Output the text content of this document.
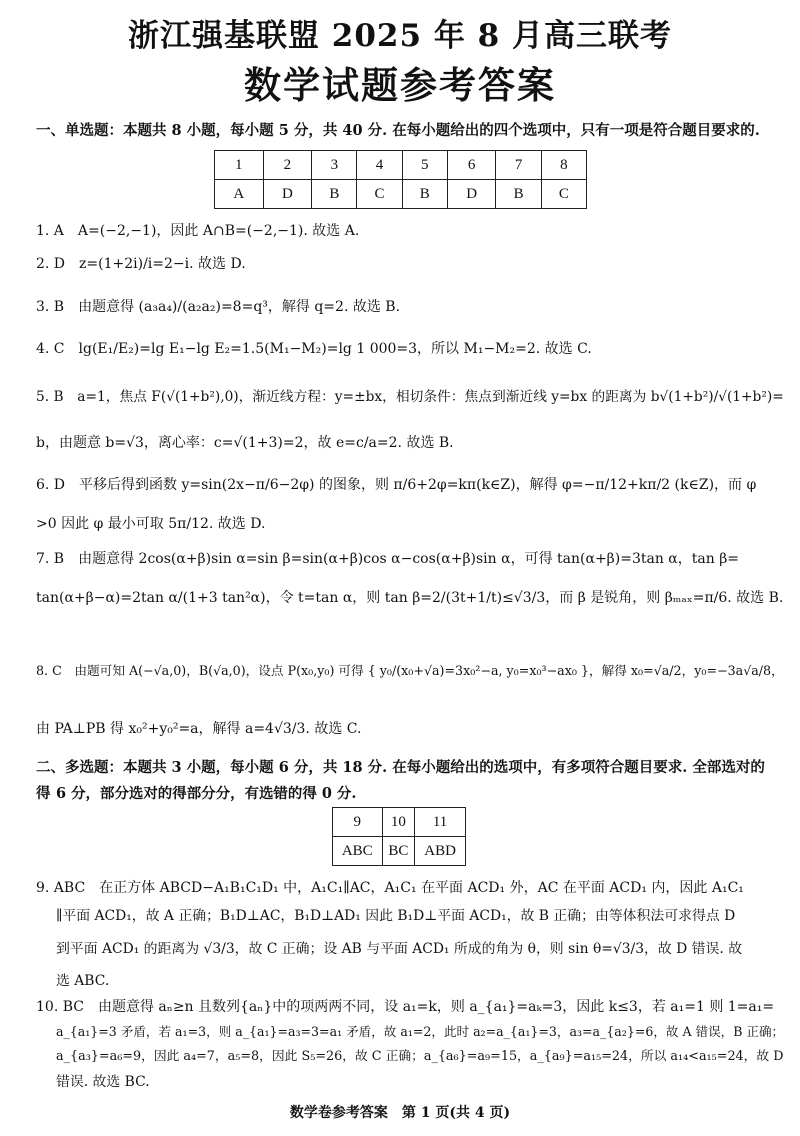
浙江强基联盟 2025 年 8 月高三联考
数学试题参考答案
一、单选题：本题共 8 小题，每小题 5 分，共 40 分. 在每小题给出的四个选项中，只有一项是符合题目要求的.
1	2	3	4	5	6	7	8
A	D	B	C	B	D	B	C
1. A　A=(−2,−1)，因此 A∩B=(−2,−1). 故选 A.
2. D　z=(1+2i)/i=2−i. 故选 D.
3. B　由题意得 (a₃a₄)/(a₂a₂)=8=q³，解得 q=2. 故选 B.
4. C　lg(E₁/E₂)=lg E₁−lg E₂=1.5(M₁−M₂)=lg 1 000=3，所以 M₁−M₂=2. 故选 C.
5. B　a=1，焦点 F(√(1+b²),0)，渐近线方程：y=±bx，相切条件：焦点到渐近线 y=bx 的距离为 b√(1+b²)/√(1+b²)=
b，由题意 b=√3，离心率：c=√(1+3)=2，故 e=c/a=2. 故选 B.
6. D　平移后得到函数 y=sin(2x−π/6−2φ) 的图象，则 π/6+2φ=kπ(k∈Z)，解得 φ=−π/12+kπ/2 (k∈Z)，而 φ
>0 因此 φ 最小可取 5π/12. 故选 D.
7. B　由题意得 2cos(α+β)sin α=sin β=sin(α+β)cos α−cos(α+β)sin α，可得 tan(α+β)=3tan α，tan β=
tan(α+β−α)=2tan α/(1+3 tan²α)，令 t=tan α，则 tan β=2/(3t+1/t)≤√3/3，而 β 是锐角，则 βₘₐₓ=π/6. 故选 B.
8. C　由题可知 A(−√a,0)，B(√a,0)，设点 P(x₀,y₀) 可得 { y₀/(x₀+√a)=3x₀²−a, y₀=x₀³−ax₀ }，解得 x₀=√a/2，y₀=−3a√a/8，
由 PA⊥PB 得 x₀²+y₀²=a，解得 a=4√3/3. 故选 C.
二、多选题：本题共 3 小题，每小题 6 分，共 18 分. 在每小题给出的选项中，有多项符合题目要求. 全部选对的得 6 分，部分选对的得部分分，有选错的得 0 分.
9	10	11
ABC	BC	ABD
9. ABC　在正方体 ABCD−A₁B₁C₁D₁ 中，A₁C₁∥AC，A₁C₁ 在平面 ACD₁ 外，AC 在平面 ACD₁ 内，因此 A₁C₁
∥平面 ACD₁，故 A 正确；B₁D⊥AC，B₁D⊥AD₁ 因此 B₁D⊥平面 ACD₁，故 B 正确；由等体积法可求得点 D
到平面 ACD₁ 的距离为 √3/3，故 C 正确；设 AB 与平面 ACD₁ 所成的角为 θ，则 sin θ=√3/3，故 D 错误. 故
选 ABC.
10. BC　由题意得 aₙ≥n 且数列{aₙ}中的项两两不同，设 a₁=k，则 a_{a₁}=aₖ=3，因此 k≤3，若 a₁=1 则 1=a₁=
a_{a₁}=3 矛盾，若 a₁=3，则 a_{a₁}=a₃=3=a₁ 矛盾，故 a₁=2，此时 a₂=a_{a₁}=3，a₃=a_{a₂}=6，故 A 错误，B 正确；
a_{a₃}=a₆=9，因此 a₄=7，a₅=8，因此 S₅=26，故 C 正确；a_{a₆}=a₉=15，a_{a₉}=a₁₅=24，所以 a₁₄<a₁₅=24，故 D
错误. 故选 BC.
数学卷参考答案　第 1 页(共 4 页)
